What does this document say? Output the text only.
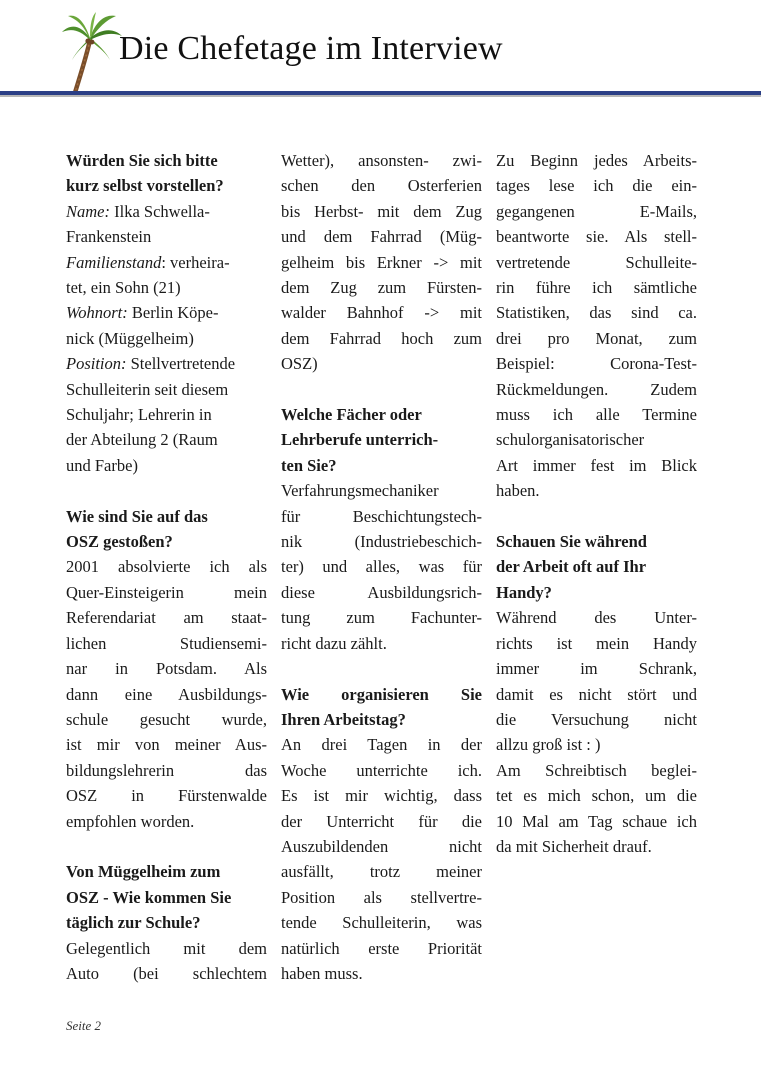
Die Chefetage im Interview

Würden Sie sich bitte
kurz selbst vorstellen?

Name: Ilka Schwella-
Frankenstein
Familienstand: verheira-
tet, ein Sohn (21)
Wohnort: Berlin Köpe-
nick (Müggelheim)
Position: Stellvertretende
Schulleiterin seit diesem
Schuljahr; Lehrerin in
der Abteilung 2 (Raum
und Farbe)

Wie sind Sie auf das
OSZ gestoßen?

2001 absolvierte ich als
Quer-Einsteigerin mein
Referendariat am staat-
lichen Studiensemi-
nar in Potsdam. Als
dann eine Ausbildungs-
schule gesucht wurde,
ist mir von meiner Aus-
bildungslehrerin das
OSZ in Fürstenwalde
empfohlen worden.

Von Müggelheim zum
OSZ - Wie kommen Sie
täglich zur Schule?

Gelegentlich mit dem
Auto (bei schlechtem

Wetter), ansonsten- zwi-
schen den Osterferien
bis Herbst- mit dem Zug
und dem Fahrrad (Müg-
gelheim bis Erkner -> mit
dem Zug zum Fürsten-
walder Bahnhof -> mit
dem Fahrrad hoch zum
OSZ)

Welche Fächer oder
Lehrberufe unterrich-
ten Sie?

Verfahrungsmechaniker
für Beschichtungstech-
nik (Industriebeschich-
ter) und alles, was für
diese Ausbildungsrich-
tung zum Fachunter-
richt dazu zählt.

Wie organisieren Sie
Ihren Arbeitstag?

An drei Tagen in der
Woche unterrichte ich.
Es ist mir wichtig, dass
der Unterricht für die
Auszubildenden nicht
ausfällt, trotz meiner
Position als stellvertre-
tende Schulleiterin, was
natürlich erste Priorität
haben muss.

Zu Beginn jedes Arbeits-
tages lese ich die ein-
gegangenen E-Mails,
beantworte sie. Als stell-
vertretende Schulleite-
rin führe ich sämtliche
Statistiken, das sind ca.
drei pro Monat, zum
Beispiel: Corona-Test-
Rückmeldungen. Zudem
muss ich alle Termine
schulorganisatorischer
Art immer fest im Blick
haben.

Schauen Sie während
der Arbeit oft auf Ihr
Handy?

Während des Unter-
richts ist mein Handy
immer im Schrank,
damit es nicht stört und
die Versuchung nicht
allzu groß ist : )
Am Schreibtisch beglei-
tet es mich schon, um die
10 Mal am Tag schaue ich
da mit Sicherheit drauf.

Seite 2
